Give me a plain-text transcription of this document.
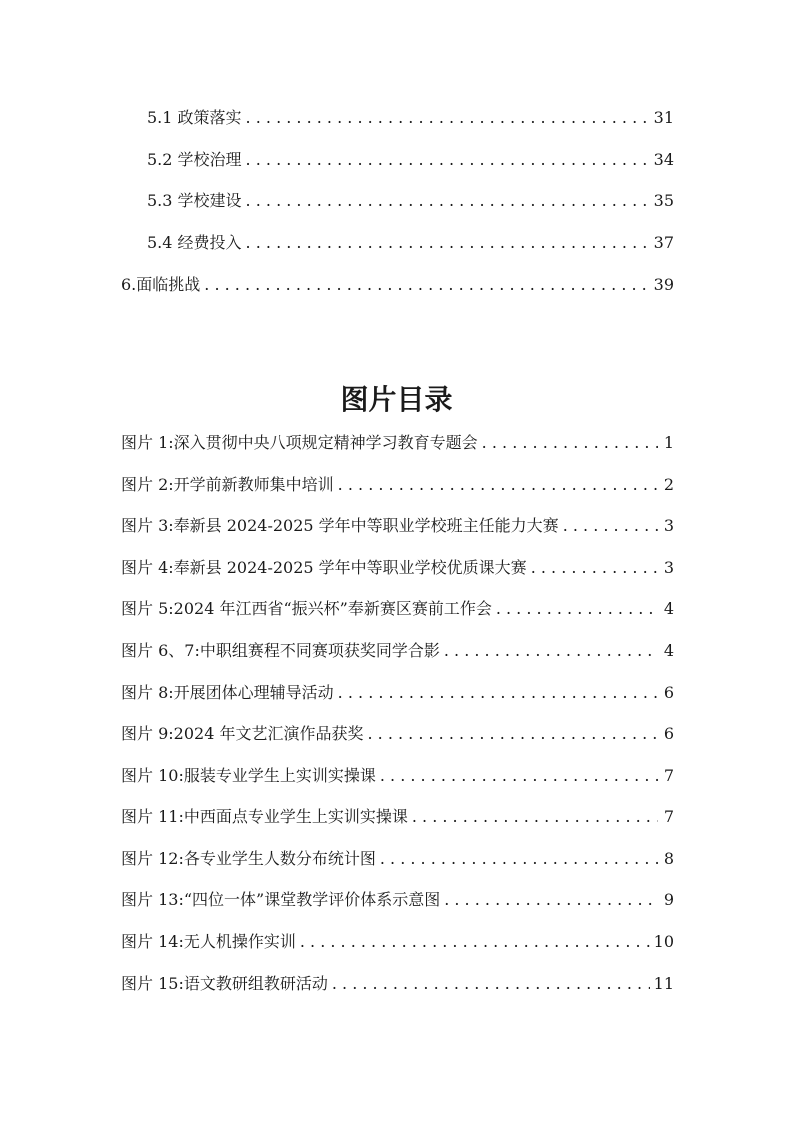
5.1 政策落实 . . .	31
5.2 学校治理 . . .	34
5.3 学校建设 . . .	35
5.4 经费投入 . . .	37
6.面临挑战 . . .	39
图片目录
图片 1:深入贯彻中央八项规定精神学习教育专题会 . . .	1
图片 2:开学前新教师集中培训 . . .	2
图片 3:奉新县 2024-2025 学年中等职业学校班主任能力大赛 . . .	3
图片 4:奉新县 2024-2025 学年中等职业学校优质课大赛 . . .	3
图片 5:2024 年江西省“振兴杯”奉新赛区赛前工作会 . . .	4
图片 6、7:中职组赛程不同赛项获奖同学合影 . . .	4
图片 8:开展团体心理辅导活动 . . .	6
图片 9:2024 年文艺汇演作品获奖 . . .	6
图片 10:服装专业学生上实训实操课 . . .	7
图片 11:中西面点专业学生上实训实操课 . . .	7
图片 12:各专业学生人数分布统计图 . . .	8
图片 13:“四位一体”课堂教学评价体系示意图 . . .	9
图片 14:无人机操作实训 . . .	10
图片 15:语文教研组教研活动 . . .	11
